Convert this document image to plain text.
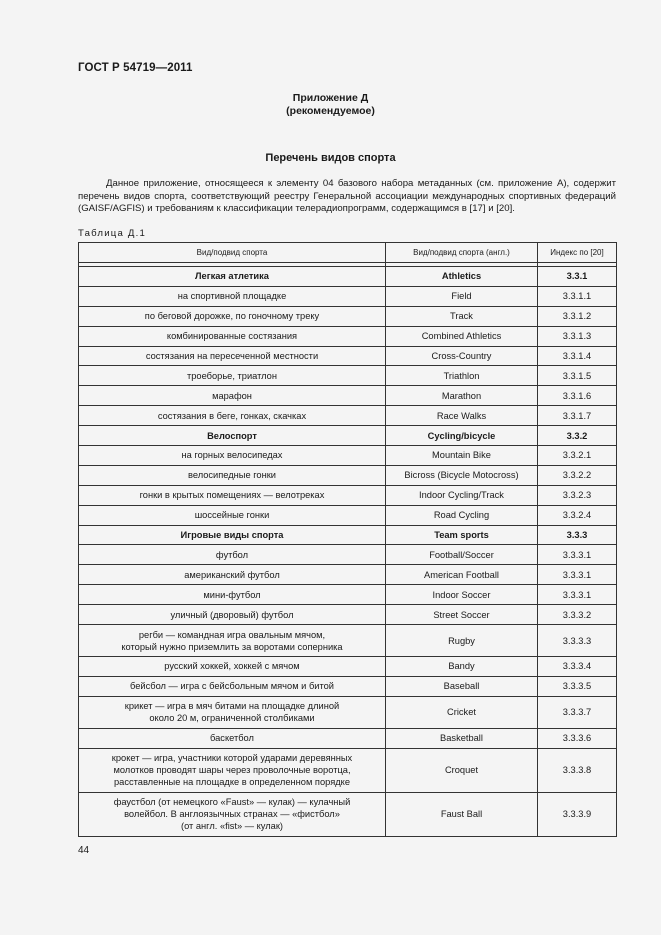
ГОСТ Р 54719—2011
Приложение Д
(рекомендуемое)
Перечень видов спорта

Данное приложение, относящееся к элементу 04 базового набора метаданных (см. приложение А), содержит перечень видов спорта, соответствующий реестру Генеральной ассоциации международных спортивных федераций (GAISF/AGFIS) и требованиям к классификации телерадиопрограмм, содержащимся в [17] и [20].

Таблица Д.1
Вид/подвид спорта	Вид/подвид спорта (англ.)	Индекс по [20]

Легкая атлетика	Athletics	3.3.1
на спортивной площадке	Field	3.3.1.1
по беговой дорожке, по гоночному треку	Track	3.3.1.2
комбинированные состязания	Combined Athletics	3.3.1.3
состязания на пересеченной местности	Cross-Country	3.3.1.4
троеборье, триатлон	Triathlon	3.3.1.5
марафон	Marathon	3.3.1.6
состязания в беге, гонках, скачках	Race Walks	3.3.1.7
Велоспорт	Cycling/bicycle	3.3.2
на горных велосипедах	Mountain Bike	3.3.2.1
велосипедные гонки	Bicross (Bicycle Motocross)	3.3.2.2
гонки в крытых помещениях — велотреках	Indoor Cycling/Track	3.3.2.3
шоссейные гонки	Road Cycling	3.3.2.4
Игровые виды спорта	Team sports	3.3.3
футбол	Football/Soccer	3.3.3.1
американский футбол	American Football	3.3.3.1
мини-футбол	Indoor Soccer	3.3.3.1
уличный (дворовый) футбол	Street Soccer	3.3.3.2
регби — командная игра овальным мячом,
который нужно приземлить за воротами соперника	Rugby	3.3.3.3
русский хоккей, хоккей с мячом	Bandy	3.3.3.4
бейсбол — игра с бейсбольным мячом и битой	Baseball	3.3.3.5
крикет — игра в мяч битами на площадке длиной
около 20 м, ограниченной столбиками	Cricket	3.3.3.7
баскетбол	Basketball	3.3.3.6
крокет — игра, участники которой ударами деревянных
молотков проводят шары через проволочные воротца,
расставленные на площадке в определенном порядке	Croquet	3.3.3.8
фаустбол (от немецкого «Faust» — кулак) — кулачный
волейбол. В англоязычных странах — «фистбол»
(от англ. «fist» — кулак)	Faust Ball	3.3.3.9
44
